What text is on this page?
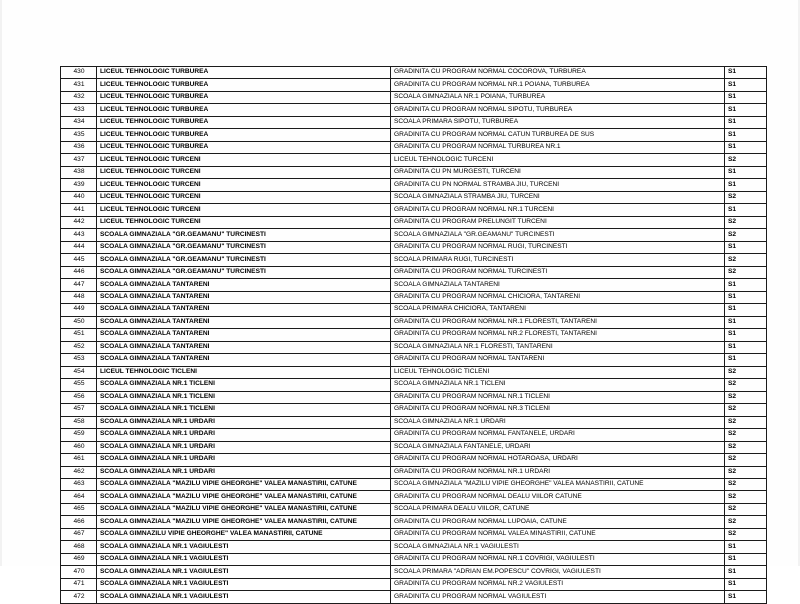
430	LICEUL TEHNOLOGIC TURBUREA	GRADINITA CU PROGRAM NORMAL COCOROVA, TURBUREA	S1
431	LICEUL TEHNOLOGIC TURBUREA	GRADINITA CU PROGRAM NORMAL NR.1 POIANA, TURBUREA	S1
432	LICEUL TEHNOLOGIC TURBUREA	SCOALA GIMNAZIALA NR.1 POIANA, TURBUREA	S1
433	LICEUL TEHNOLOGIC TURBUREA	GRADINITA CU PROGRAM NORMAL SIPOTU, TURBUREA	S1
434	LICEUL TEHNOLOGIC TURBUREA	SCOALA PRIMARA SIPOTU, TURBUREA	S1
435	LICEUL TEHNOLOGIC TURBUREA	GRADINITA CU PROGRAM NORMAL CATUN TURBUREA DE SUS	S1
436	LICEUL TEHNOLOGIC TURBUREA	GRADINITA CU PROGRAM NORMAL TURBUREA NR.1	S1
437	LICEUL TEHNOLOGIC TURCENI	LICEUL TEHNOLOGIC TURCENI	S2
438	LICEUL TEHNOLOGIC TURCENI	GRADINITA CU PN MURGESTI, TURCENI	S1
439	LICEUL TEHNOLOGIC TURCENI	GRADINITA CU PN NORMAL STRAMBA JIU, TURCENI	S1
440	LICEUL TEHNOLOGIC TURCENI	SCOALA GIMNAZIALA STRAMBA JIU, TURCENI	S2
441	LICEUL TEHNOLOGIC TURCENI	GRADINITA CU PROGRAM NORMAL NR.1 TURCENI	S1
442	LICEUL TEHNOLOGIC TURCENI	GRADINITA CU PROGRAM PRELUNGIT TURCENI	S2
443	SCOALA GIMNAZIALA "GR.GEAMANU" TURCINESTI	SCOALA GIMNAZIALA "GR.GEAMANU" TURCINESTI	S2
444	SCOALA GIMNAZIALA "GR.GEAMANU" TURCINESTI	GRADINITA CU PROGRAM NORMAL RUGI, TURCINESTI	S1
445	SCOALA GIMNAZIALA "GR.GEAMANU" TURCINESTI	SCOALA PRIMARA RUGI, TURCINESTI	S2
446	SCOALA GIMNAZIALA "GR.GEAMANU" TURCINESTI	GRADINITA CU PROGRAM NORMAL TURCINESTI	S2
447	SCOALA GIMNAZIALA TANTARENI	SCOALA GIMNAZIALA TANTARENI	S1
448	SCOALA GIMNAZIALA TANTARENI	GRADINITA CU PROGRAM NORMAL CHICIORA, TANTARENI	S1
449	SCOALA GIMNAZIALA TANTARENI	SCOALA PRIMARA CHICIORA, TANTARENI	S1
450	SCOALA GIMNAZIALA TANTARENI	GRADINITA CU PROGRAM NORMAL NR.1 FLORESTI, TANTARENI	S1
451	SCOALA GIMNAZIALA TANTARENI	GRADINITA CU PROGRAM NORMAL NR.2 FLORESTI, TANTARENI	S1
452	SCOALA GIMNAZIALA TANTARENI	SCOALA GIMNAZIALA NR.1 FLORESTI, TANTARENI	S1
453	SCOALA GIMNAZIALA TANTARENI	GRADINITA CU PROGRAM NORMAL TANTARENI	S1
454	LICEUL TEHNOLOGIC TICLENI	LICEUL TEHNOLOGIC TICLENI	S2
455	SCOALA GIMNAZIALA NR.1 TICLENI	SCOALA GIMNAZIALA NR.1 TICLENI	S2
456	SCOALA GIMNAZIALA NR.1 TICLENI	GRADINITA CU PROGRAM NORMAL NR.1 TICLENI	S2
457	SCOALA GIMNAZIALA NR.1 TICLENI	GRADINITA CU PROGRAM NORMAL NR.3 TICLENI	S2
458	SCOALA GIMNAZIALA NR.1 URDARI	SCOALA GIMNAZIALA NR.1 URDARI	S2
459	SCOALA GIMNAZIALA NR.1 URDARI	GRADINITA CU PROGRAM NORMAL FANTANELE, URDARI	S2
460	SCOALA GIMNAZIALA NR.1 URDARI	SCOALA GIMNAZIALA FANTANELE, URDARI	S2
461	SCOALA GIMNAZIALA NR.1 URDARI	GRADINITA CU PROGRAM NORMAL HOTAROASA, URDARI	S2
462	SCOALA GIMNAZIALA NR.1 URDARI	GRADINITA CU PROGRAM NORMAL NR.1 URDARI	S2
463	SCOALA GIMNAZIALA "MAZILU VIPIE GHEORGHE" VALEA MANASTIRII, CATUNE	SCOALA GIMNAZIALA "MAZILU VIPIE GHEORGHE" VALEA MANASTIRII, CATUNE	S2
464	SCOALA GIMNAZIALA "MAZILU VIPIE GHEORGHE" VALEA MANASTIRII, CATUNE	GRADINITA CU PROGRAM NORMAL DEALU VIILOR CATUNE	S2
465	SCOALA GIMNAZIALA "MAZILU VIPIE GHEORGHE" VALEA MANASTIRII, CATUNE	SCOALA PRIMARA DEALU VIILOR, CATUNE	S2
466	SCOALA GIMNAZIALA "MAZILU VIPIE GHEORGHE" VALEA MANASTIRII, CATUNE	GRADINITA CU PROGRAM NORMAL LUPOAIA, CATUNE	S2
467	SCOALA GIMNAZILU VIPIE GHEORGHE" VALEA MANASTIRII, CATUNE	GRADINITA CU PROGRAM NORMAL VALEA MINASTIRII, CATUNE	S2
468	SCOALA GIMNAZIALA NR.1 VAGIULESTI	SCOALA GIMNAZIALA NR.1 VAGIULESTI	S1
469	SCOALA GIMNAZIALA NR.1 VAGIULESTI	GRADINITA CU PROGRAM NORMAL NR.1 COVRIGI, VAGIULESTI	S1
470	SCOALA GIMNAZIALA NR.1 VAGIULESTI	SCOALA PRIMARA "ADRIAN EM.POPESCU" COVRIGI, VAGIULESTI	S1
471	SCOALA GIMNAZIALA NR.1 VAGIULESTI	GRADINITA CU PROGRAM NORMAL NR.2 VAGIULESTI	S1
472	SCOALA GIMNAZIALA NR.1 VAGIULESTI	GRADINITA CU PROGRAM NORMAL VAGIULESTI	S1
